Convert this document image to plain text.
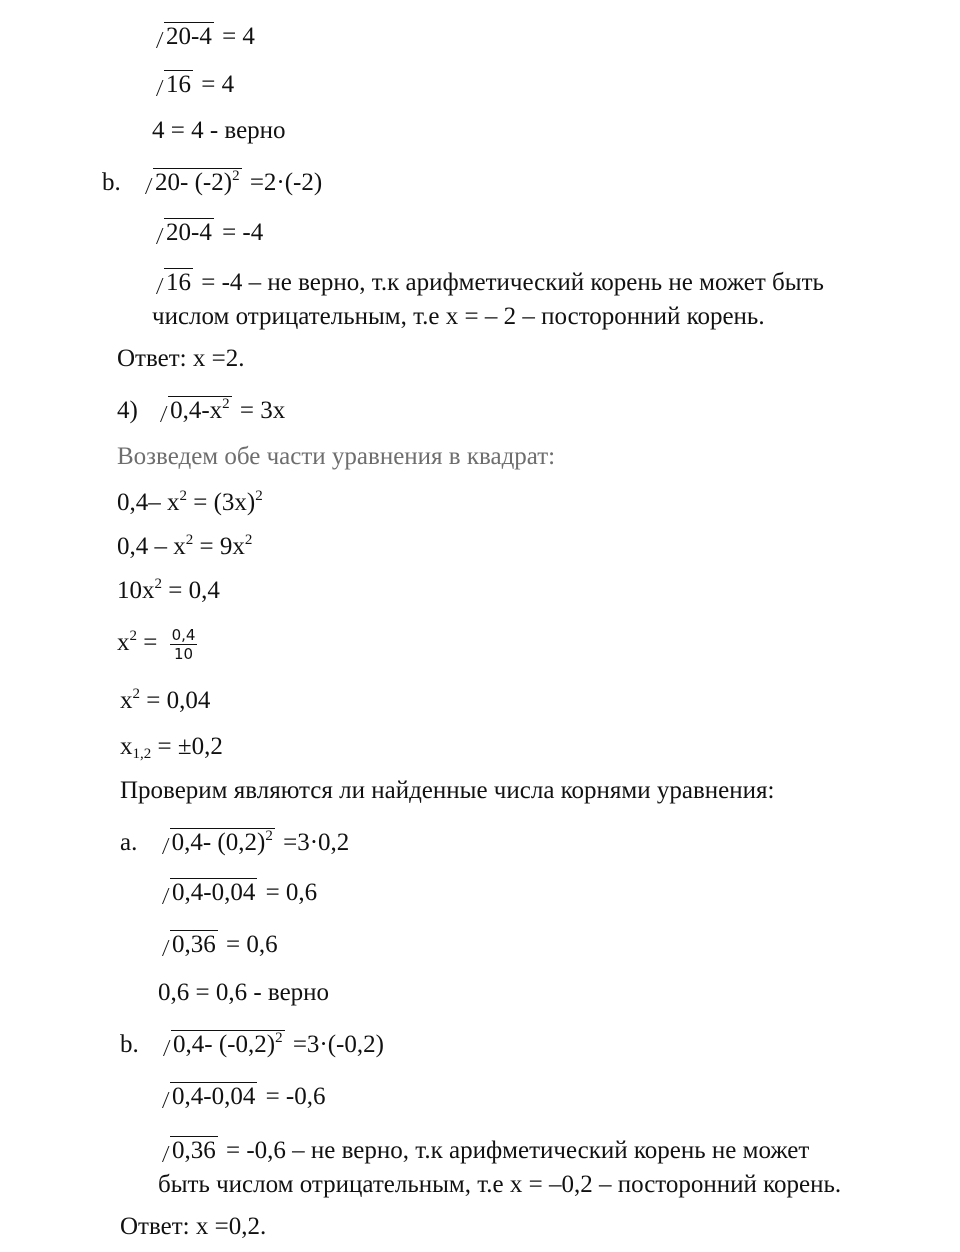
20-4 = 4
16 = 4
4 = 4 - верно
b. 20- $(-2)^2 =2\cdot(-2)$
20-4 = -4
16 = -4 – не верно, т.к арифметический корень не может быть
числом отрицательным, т.е x = – 2 – посторонний корень.
Ответ: x =2.
4) $0,4-x^2 = 3x$
Возведем обе части уравнения в квадрат:
0,4– $x^2 = (3x)^2$
$0,4 - x^2 = 9x^2$
$10x^2 = 0,4$
$x^2 = \frac{0,4}{10}$
$x^2 = 0,04$
$x_{1,2} = \pm 0,2$
Проверим являются ли найденные числа корнями уравнения:
a. 0,4- $(0,2)^2 =3\cdot 0,2$
0,4-0,04 = 0,6
0,36 = 0,6
0,6 = 0,6 - верно
b. 0,4- $(-0,2)^2 =3\cdot(-0,2)$
0,4-0,04 = -0,6
0,36 = -0,6 – не верно, т.к арифметический корень не может
быть числом отрицательным, т.е x = –0,2 – посторонний корень.
Ответ: x =0,2.
